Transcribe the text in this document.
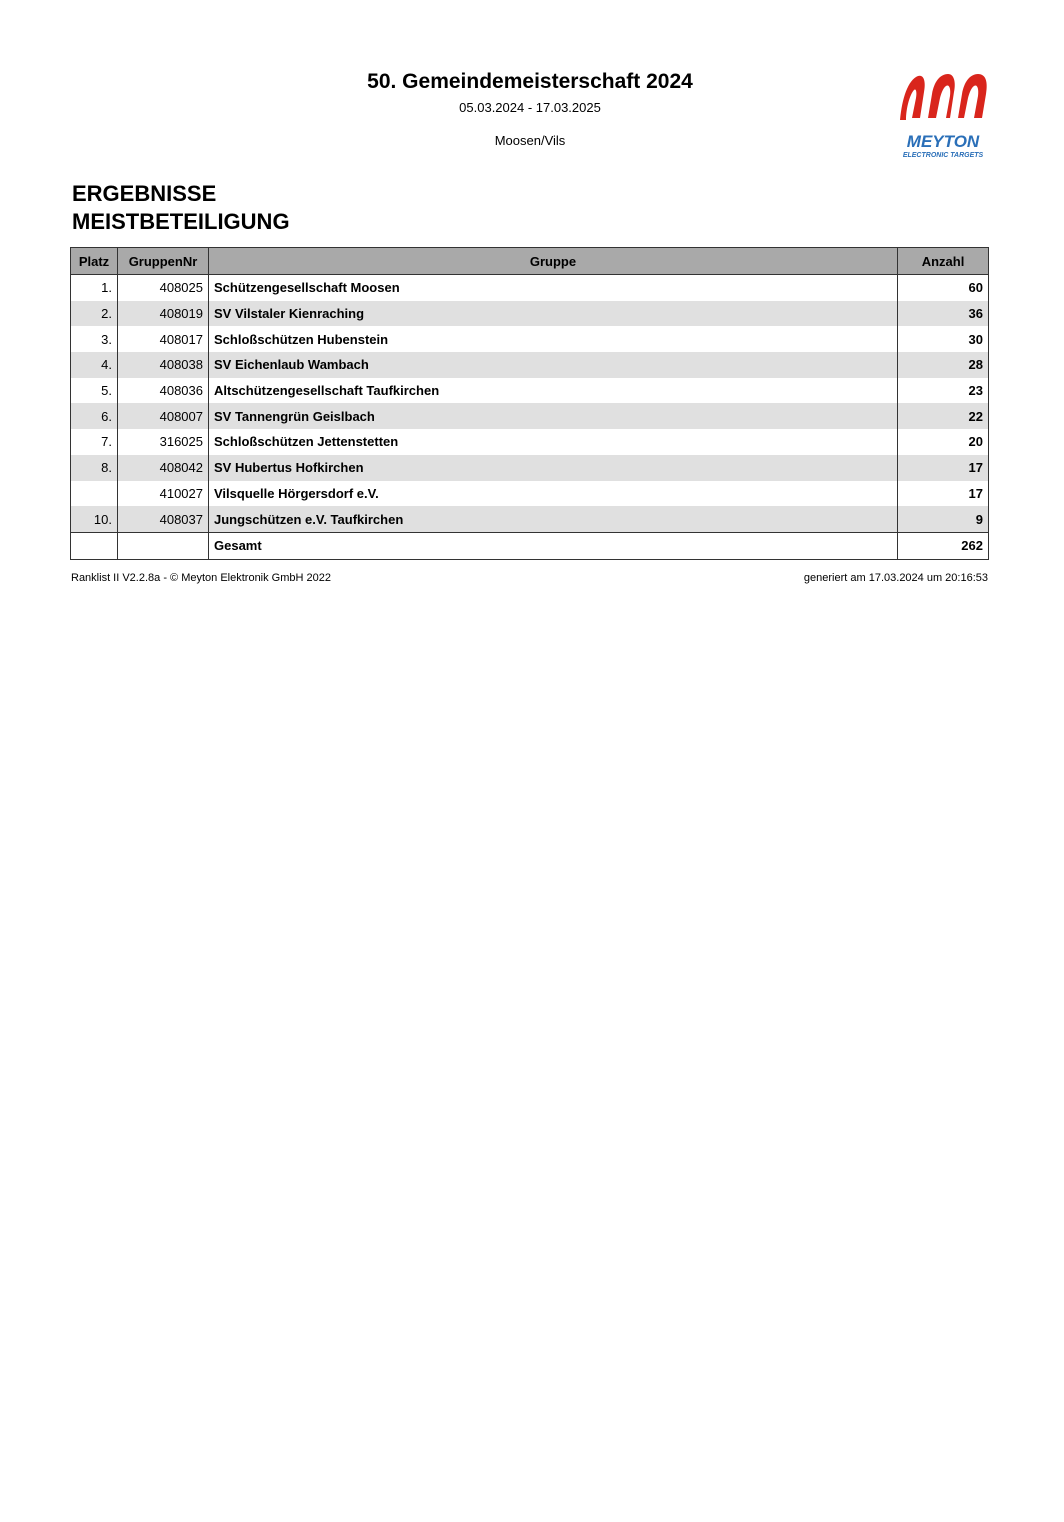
50. Gemeindemeisterschaft 2024
05.03.2024 - 17.03.2025
Moosen/Vils	MEYTON
ELECTRONIC TARGETS
ERGEBNISSE
MEISTBETEILIGUNG
Platz	GruppenNr	Gruppe	Anzahl
1.	408025	Schützengesellschaft Moosen	60
2.	408019	SV Vilstaler Kienraching	36
3.	408017	Schloßschützen Hubenstein	30
4.	408038	SV Eichenlaub Wambach	28
5.	408036	Altschützengesellschaft Taufkirchen	23
6.	408007	SV Tannengrün Geislbach	22
7.	316025	Schloßschützen Jettenstetten	20
8.	408042	SV Hubertus Hofkirchen	17
	410027	Vilsquelle Hörgersdorf e.V.	17
10.	408037	Jungschützen e.V. Taufkirchen	9
		Gesamt	262
Ranklist II V2.2.8a - © Meyton Elektronik GmbH 2022	generiert am 17.03.2024 um 20:16:53
